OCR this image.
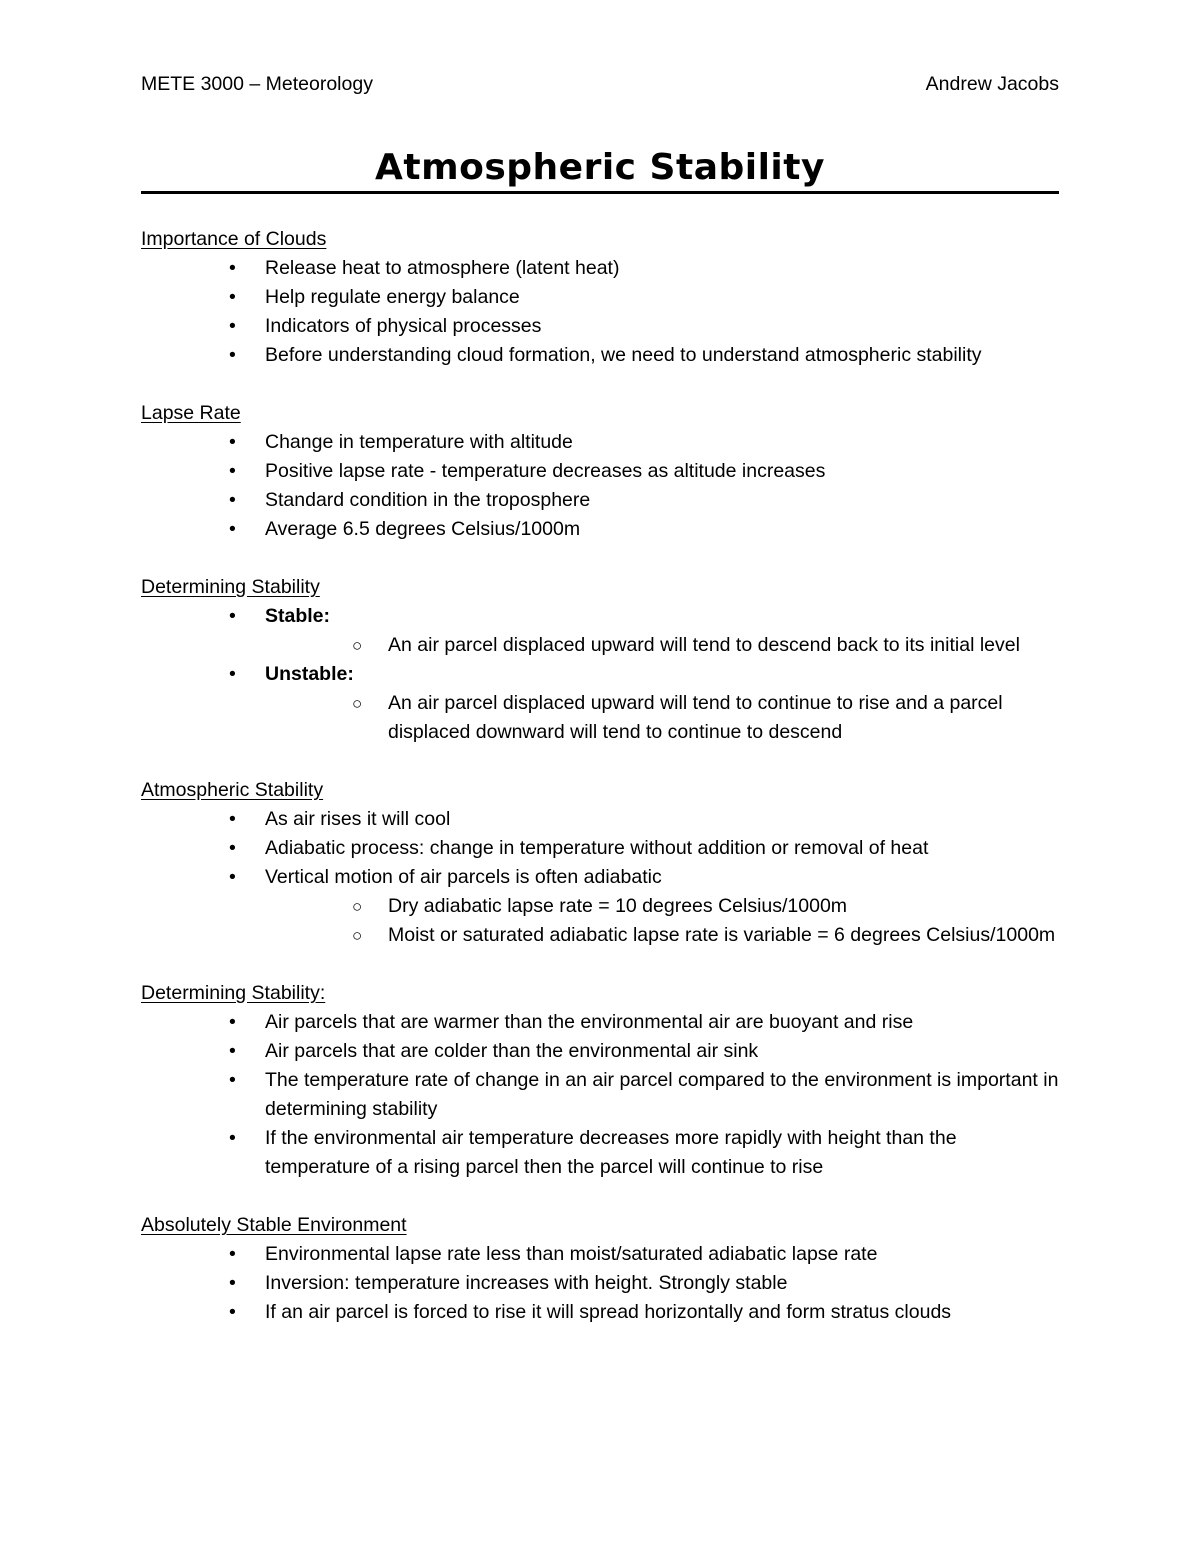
METE 3000 – Meteorology	Andrew Jacobs
Atmospheric Stability
Importance of Clouds
• Release heat to atmosphere (latent heat)
• Help regulate energy balance
• Indicators of physical processes
• Before understanding cloud formation, we need to understand atmospheric stability
Lapse Rate
• Change in temperature with altitude
• Positive lapse rate - temperature decreases as altitude increases
• Standard condition in the troposphere
• Average 6.5 degrees Celsius/1000m
Determining Stability
• Stable:
○ An air parcel displaced upward will tend to descend back to its initial level
• Unstable:
○ An air parcel displaced upward will tend to continue to rise and a parcel displaced downward will tend to continue to descend
Atmospheric Stability
• As air rises it will cool
• Adiabatic process: change in temperature without addition or removal of heat
• Vertical motion of air parcels is often adiabatic
○ Dry adiabatic lapse rate = 10 degrees Celsius/1000m
○ Moist or saturated adiabatic lapse rate is variable = 6 degrees Celsius/1000m
Determining Stability:
• Air parcels that are warmer than the environmental air are buoyant and rise
• Air parcels that are colder than the environmental air sink
• The temperature rate of change in an air parcel compared to the environment is important in determining stability
• If the environmental air temperature decreases more rapidly with height than the temperature of a rising parcel then the parcel will continue to rise
Absolutely Stable Environment
• Environmental lapse rate less than moist/saturated adiabatic lapse rate
• Inversion: temperature increases with height. Strongly stable
• If an air parcel is forced to rise it will spread horizontally and form stratus clouds
